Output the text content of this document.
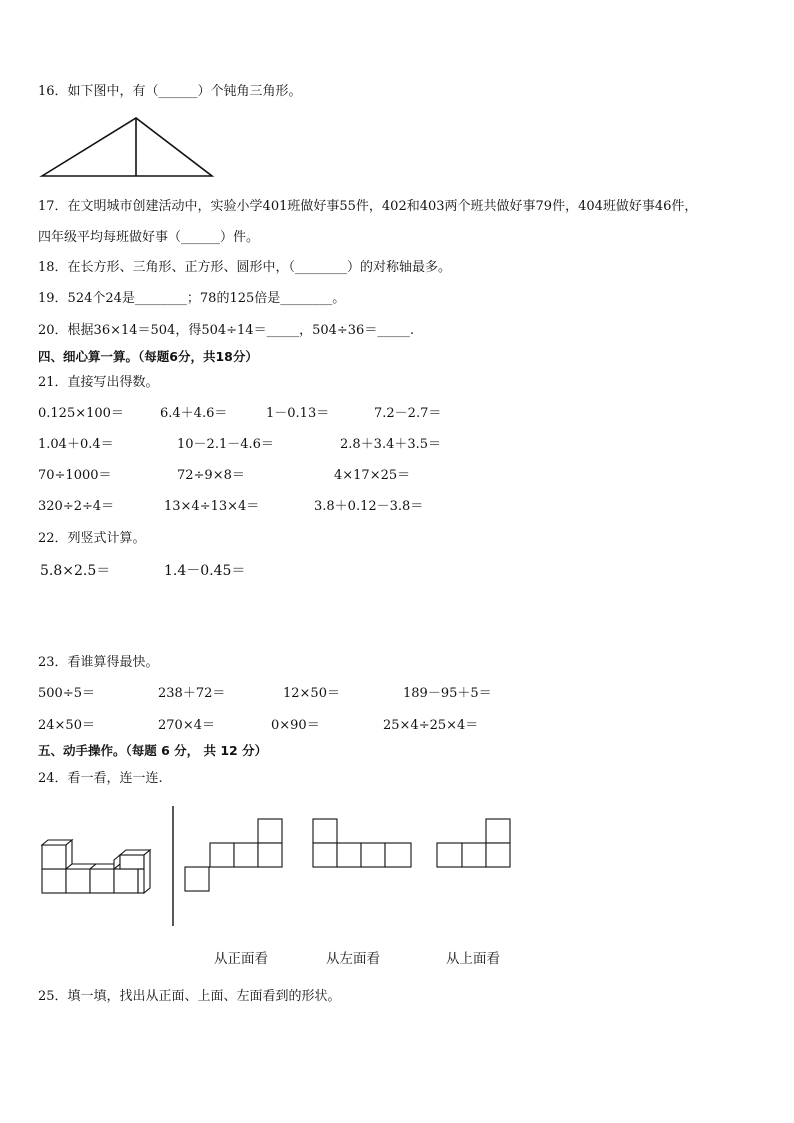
16．如下图中，有（______）个钝角三角形。
17．在文明城市创建活动中，实验小学401班做好事55件，402和403两个班共做好事79件，404班做好事46件，
四年级平均每班做好事（______）件。
18．在长方形、三角形、正方形、圆形中，（________）的对称轴最多。
19．524个24是________；78的125倍是________。
20．根据36×14＝504，得504÷14＝_____，504÷36＝_____.
四、细心算一算。（每题6分，共18分）
21．直接写出得数。
0.125×100＝	6.4＋4.6＝	1－0.13＝	7.2－2.7＝
1.04＋0.4＝	10－2.1－4.6＝	2.8＋3.4＋3.5＝
70÷1000＝	72÷9×8＝	4×17×25＝
320÷2÷4＝	13×4÷13×4＝	3.8＋0.12－3.8＝
22．列竖式计算。
5.8×2.5＝	1.4－0.45＝
23．看谁算得最快。
500÷5＝	238＋72＝	12×50＝	189－95＋5＝
24×50＝	270×4＝	0×90＝	25×4÷25×4＝
五、动手操作。（每题 6 分， 共 12 分）
24．看一看，连一连.
从正面看	从左面看	从上面看
25．填一填，找出从正面、上面、左面看到的形状。
